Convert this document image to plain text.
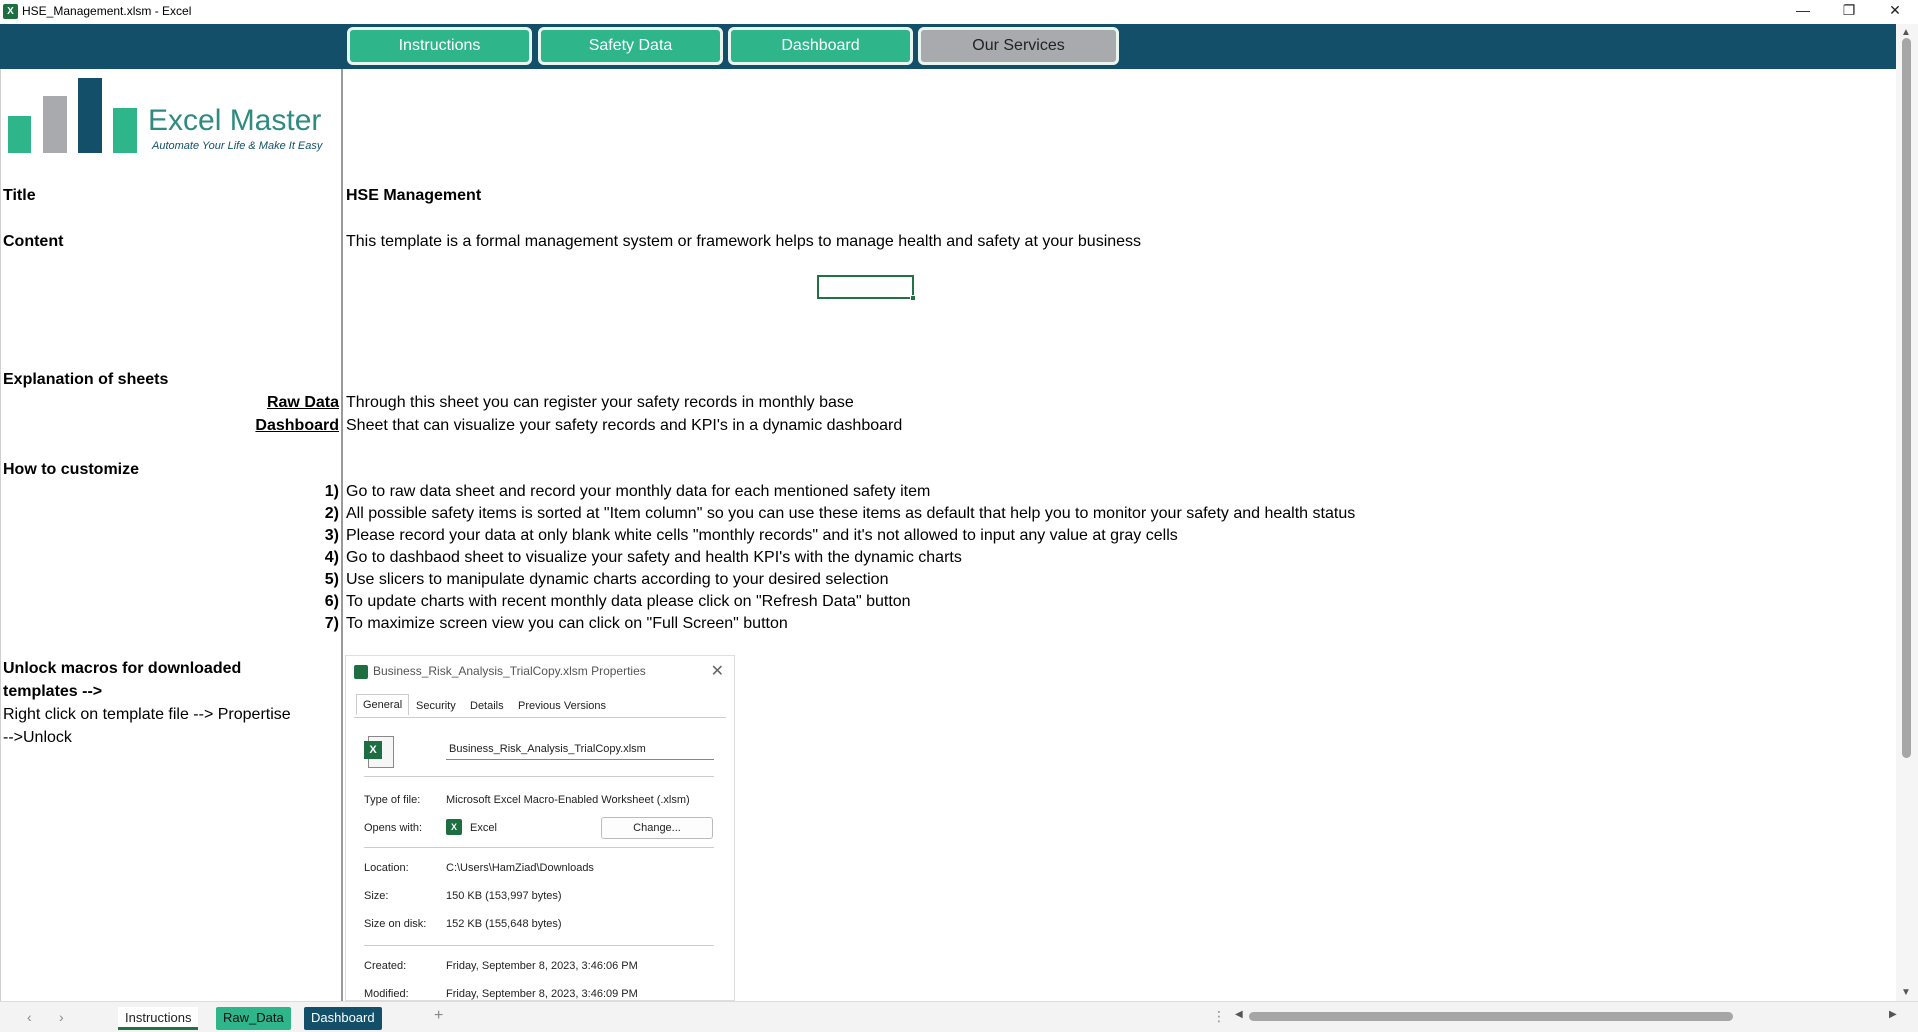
X HSE_Management.xlsm - Excel	—	❐	✕
Instructions	Safety Data	Dashboard	Our Services
Excel Master
Automate Your Life & Make It Easy
Title	HSE Management
Content	This template is a formal management system or framework helps to manage health and safety at your business
Explanation of sheets
Raw Data Through this sheet you can register your safety records in monthly base
Dashboard Sheet that can visualize your safety records and KPI's in a dynamic dashboard
How to customize
1) Go to raw data sheet and record your monthly data for each mentioned safety item
2) All possible safety items is sorted at "Item column" so you can use these items as default that help you to monitor your safety and health status
3) Please record your data at only blank white cells "monthly records" and it's not allowed to input any value at gray cells
4) Go to dashbaod sheet to visualize your safety and health KPI's with the dynamic charts
5) Use slicers to manipulate dynamic charts according to your desired selection
6) To update charts with recent monthly data please click on "Refresh Data" button
7) To maximize screen view you can click on "Full Screen" button
Unlock macros for downloaded
templates -->
Right click on template file --> Propertise
-->Unlock
Business_Risk_Analysis_TrialCopy.xlsm Properties	✕
General	Security Details Previous Versions
X	Business_Risk_Analysis_TrialCopy.xlsm
Type of file: Microsoft Excel Macro-Enabled Worksheet (.xlsm)
Opens with:	X	Excel	Change...
Location:	C:\Users\HamZiad\Downloads
Size:	150 KB (153,997 bytes)
Size on disk: 152 KB (155,648 bytes)
Created:	Friday, September 8, 2023, 3:46:06 PM
Modified:	Friday, September 8, 2023, 3:46:09 PM
▲
▼
‹ ›	Instructions	Raw_Data	Dashboard	+	⋮ ◀	▶
